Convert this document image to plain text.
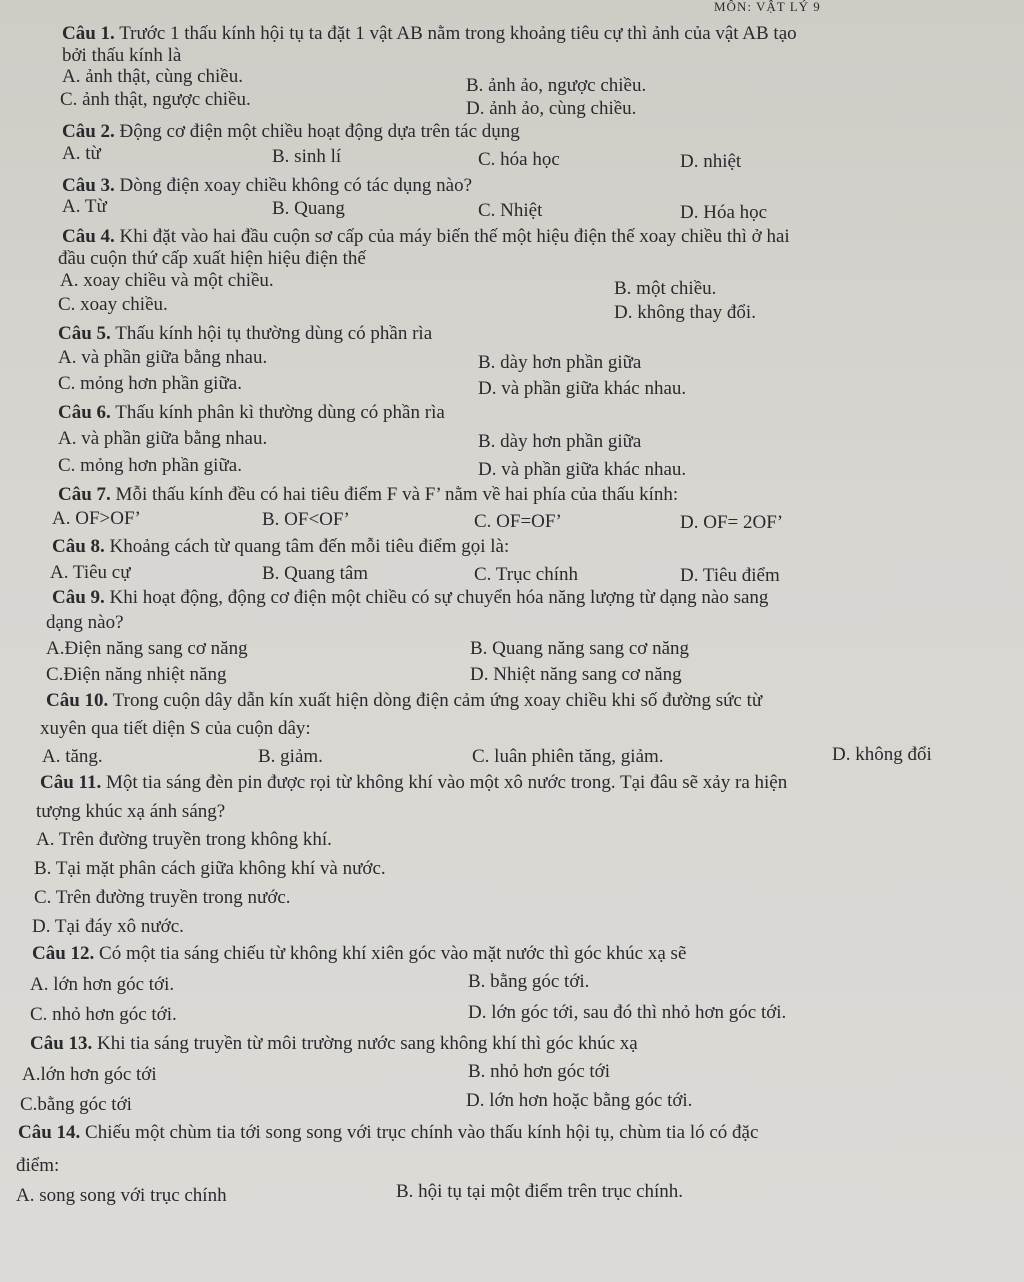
MÔN: VẬT LÝ 9
Câu 1. Trước 1 thấu kính hội tụ ta đặt 1 vật AB nằm trong khoảng tiêu cự thì ảnh của vật AB tạo
bởi thấu kính là
A. ảnh thật, cùng chiều.	B. ảnh ảo, ngược chiều.
C. ảnh thật, ngược chiều.	D. ảnh ảo, cùng chiều.
Câu 2. Động cơ điện một chiều hoạt động dựa trên tác dụng
A. từ	B. sinh lí	C. hóa học	D. nhiệt
Câu 3. Dòng điện xoay chiều không có tác dụng nào?
A. Từ	B. Quang	C. Nhiệt	D. Hóa học
Câu 4. Khi đặt vào hai đầu cuộn sơ cấp của máy biến thế một hiệu điện thế xoay chiều thì ở hai
đầu cuộn thứ cấp xuất hiện hiệu điện thế
A. xoay chiều và một chiều.	B. một chiều.
C. xoay chiều.	D. không thay đổi.
Câu 5. Thấu kính hội tụ thường dùng có phần rìa
A. và phần giữa bằng nhau.	B. dày hơn phần giữa
C. mỏng hơn phần giữa.	D. và phần giữa khác nhau.
Câu 6. Thấu kính phân kì thường dùng có phần rìa
A. và phần giữa bằng nhau.	B. dày hơn phần giữa
C. mỏng hơn phần giữa.	D. và phần giữa khác nhau.
Câu 7. Mỗi thấu kính đều có hai tiêu điểm F và F’ nằm về hai phía của thấu kính:
A. OF>OF’	B. OF<OF’	C. OF=OF’	D. OF= 2OF’
Câu 8. Khoảng cách từ quang tâm đến mỗi tiêu điểm gọi là:
A. Tiêu cự	B. Quang tâm	C. Trục chính	D. Tiêu điểm
Câu 9. Khi hoạt động, động cơ điện một chiều có sự chuyển hóa năng lượng từ dạng nào sang
dạng nào?
A.Điện năng sang cơ năng	B. Quang năng sang cơ năng
C.Điện năng nhiệt năng	D. Nhiệt năng sang cơ năng
Câu 10. Trong cuộn dây dẫn kín xuất hiện dòng điện cảm ứng xoay chiều khi số đường sức từ
xuyên qua tiết diện S của cuộn dây:
A. tăng.	B. giảm.	C. luân phiên tăng, giảm.	D. không đổi
Câu 11. Một tia sáng đèn pin được rọi từ không khí vào một xô nước trong. Tại đâu sẽ xảy ra hiện
tượng khúc xạ ánh sáng?
A. Trên đường truyền trong không khí.
B. Tại mặt phân cách giữa không khí và nước.
C. Trên đường truyền trong nước.
D. Tại đáy xô nước.
Câu 12. Có một tia sáng chiếu từ không khí xiên góc vào mặt nước thì góc khúc xạ sẽ
A. lớn hơn góc tới.	B. bằng góc tới.
C. nhỏ hơn góc tới.	D. lớn góc tới, sau đó thì nhỏ hơn góc tới.
Câu 13. Khi tia sáng truyền từ môi trường nước sang không khí thì góc khúc xạ
A.lớn hơn góc tới	B. nhỏ hơn góc tới
C.bằng góc tới	D. lớn hơn hoặc bằng góc tới.
Câu 14. Chiếu một chùm tia tới song song với trục chính vào thấu kính hội tụ, chùm tia ló có đặc
điểm:
A. song song với trục chính	B. hội tụ tại một điểm trên trục chính.
